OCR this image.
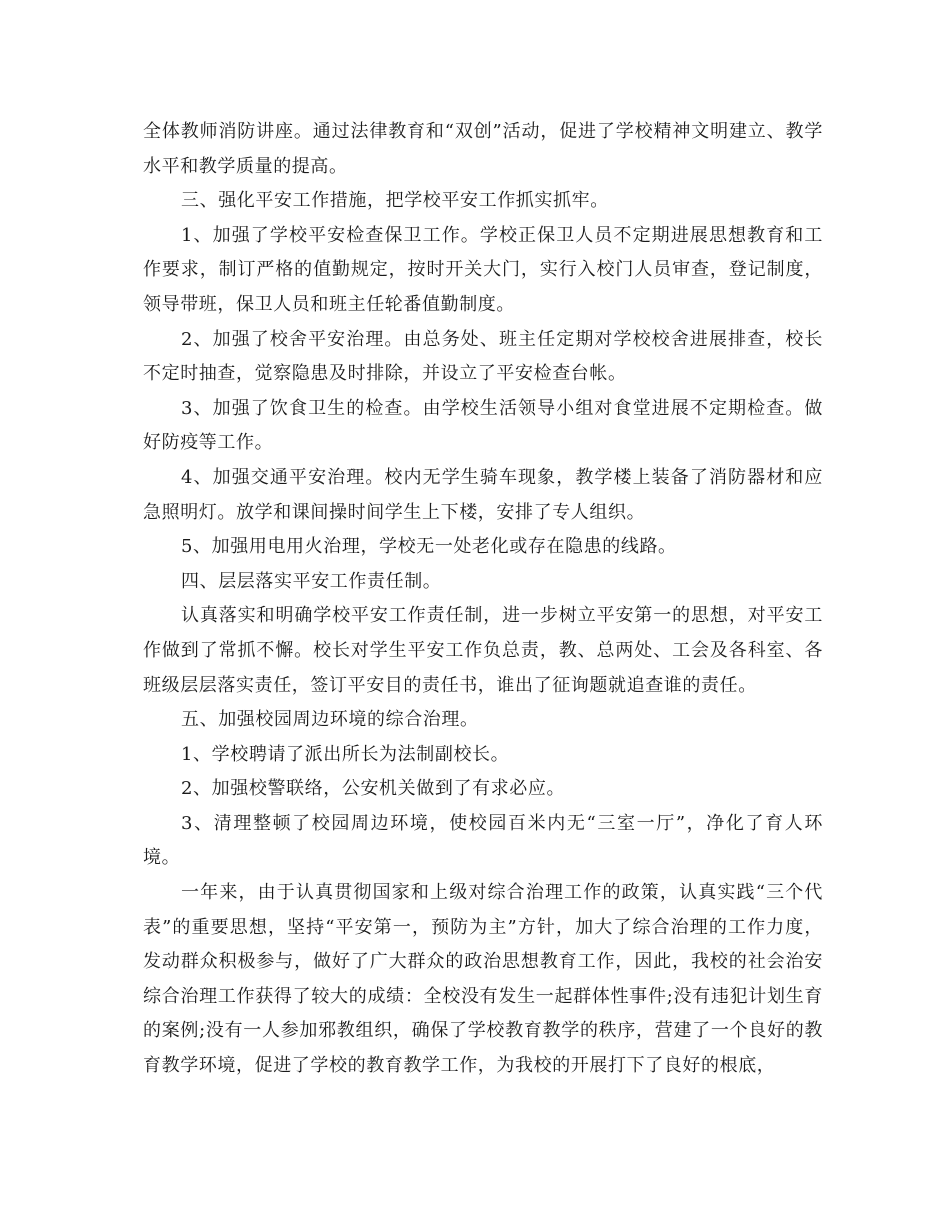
全体教师消防讲座。通过法律教育和“双创”活动，促进了学校精神文明建立、教学水平和教学质量的提高。

三、强化平安工作措施，把学校平安工作抓实抓牢。

1、加强了学校平安检查保卫工作。学校正保卫人员不定期进展思想教育和工作要求，制订严格的值勤规定，按时开关大门，实行入校门人员审查，登记制度，领导带班，保卫人员和班主任轮番值勤制度。

2、加强了校舍平安治理。由总务处、班主任定期对学校校舍进展排查，校长不定时抽查，觉察隐患及时排除，并设立了平安检查台帐。

3、加强了饮食卫生的检查。由学校生活领导小组对食堂进展不定期检查。做好防疫等工作。

4、加强交通平安治理。校内无学生骑车现象，教学楼上装备了消防器材和应急照明灯。放学和课间操时间学生上下楼，安排了专人组织。

5、加强用电用火治理，学校无一处老化或存在隐患的线路。

四、层层落实平安工作责任制。

认真落实和明确学校平安工作责任制，进一步树立平安第一的思想，对平安工作做到了常抓不懈。校长对学生平安工作负总责，教、总两处、工会及各科室、各班级层层落实责任，签订平安目的责任书，谁出了征询题就追查谁的责任。

五、加强校园周边环境的综合治理。

1、学校聘请了派出所长为法制副校长。

2、加强校警联络，公安机关做到了有求必应。

3、清理整顿了校园周边环境，使校园百米内无“三室一厅”，净化了育人环境。

一年来，由于认真贯彻国家和上级对综合治理工作的政策，认真实践“三个代表”的重要思想，坚持“平安第一，预防为主”方针，加大了综合治理的工作力度，发动群众积极参与，做好了广大群众的政治思想教育工作，因此，我校的社会治安综合治理工作获得了较大的成绩：全校没有发生一起群体性事件;没有违犯计划生育的案例;没有一人参加邪教组织，确保了学校教育教学的秩序，营建了一个良好的教育教学环境，促进了学校的教育教学工作，为我校的开展打下了良好的根底，
